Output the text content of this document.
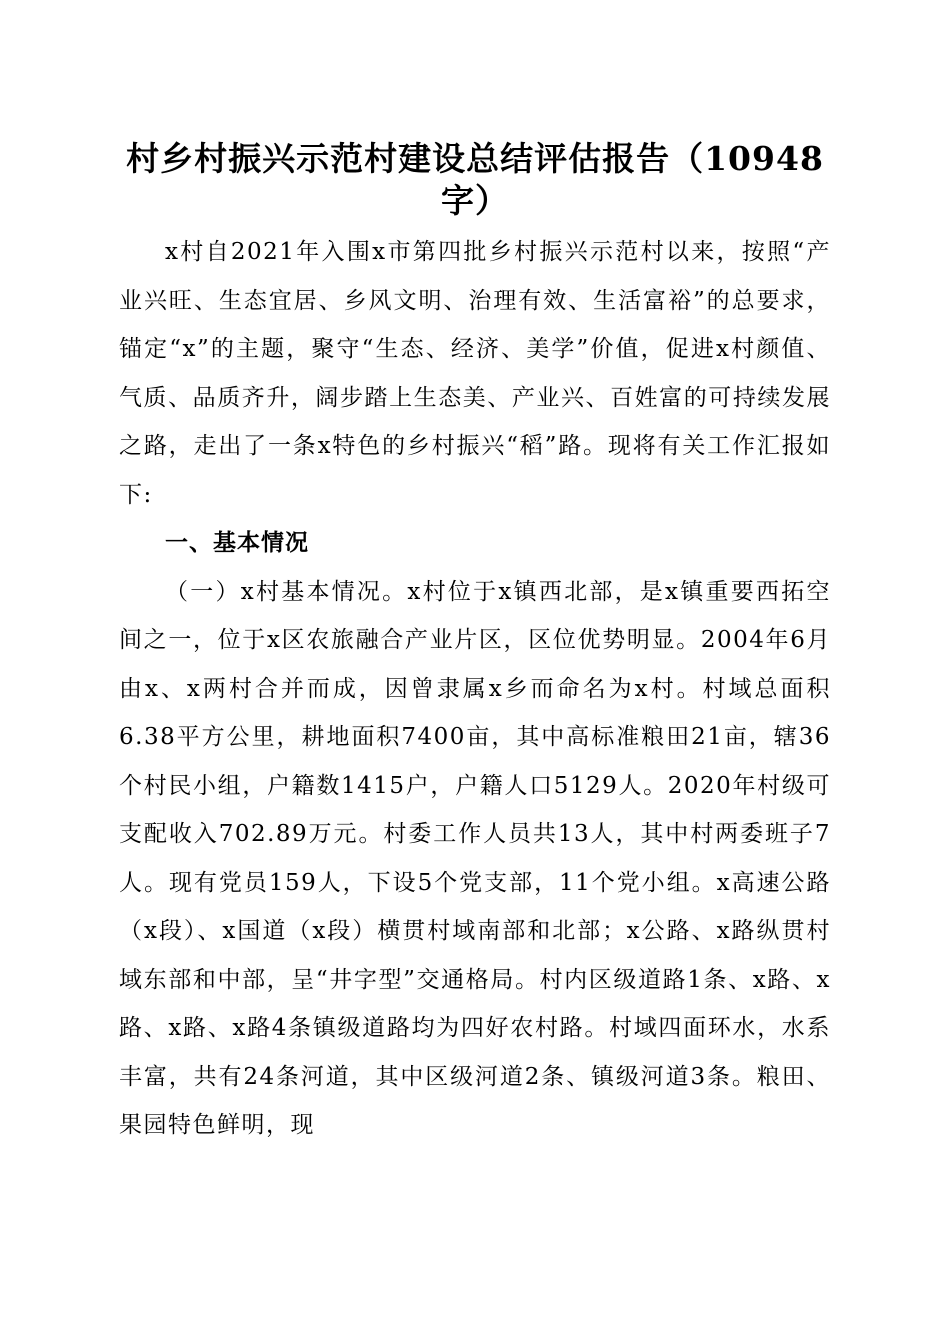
村乡村振兴示范村建设总结评估报告（10948字）

x村自2021年入围x市第四批乡村振兴示范村以来，按照“产业兴旺、生态宜居、乡风文明、治理有效、生活富裕”的总要求，锚定“x”的主题，聚守“生态、经济、美学”价值，促进x村颜值、气质、品质齐升，阔步踏上生态美、产业兴、百姓富的可持续发展之路，走出了一条x特色的乡村振兴“稻”路。现将有关工作汇报如下:

一、基本情况

（一）x村基本情况。x村位于x镇西北部，是x镇重要西拓空间之一，位于x区农旅融合产业片区，区位优势明显。2004年6月由x、x两村合并而成，因曾隶属x乡而命名为x村。村域总面积6.38平方公里，耕地面积7400亩，其中高标准粮田21亩，辖36个村民小组，户籍数1415户，户籍人口5129人。2020年村级可支配收入702.89万元。村委工作人员共13人，其中村两委班子7人。现有党员159人，下设5个党支部，11个党小组。x高速公路（x段）、x国道（x段）横贯村域南部和北部；x公路、x路纵贯村域东部和中部，呈“井字型”交通格局。村内区级道路1条、x路、x路、x路、x路4条镇级道路均为四好农村路。村域四面环水，水系丰富，共有24条河道，其中区级河道2条、镇级河道3条。粮田、果园特色鲜明，现
